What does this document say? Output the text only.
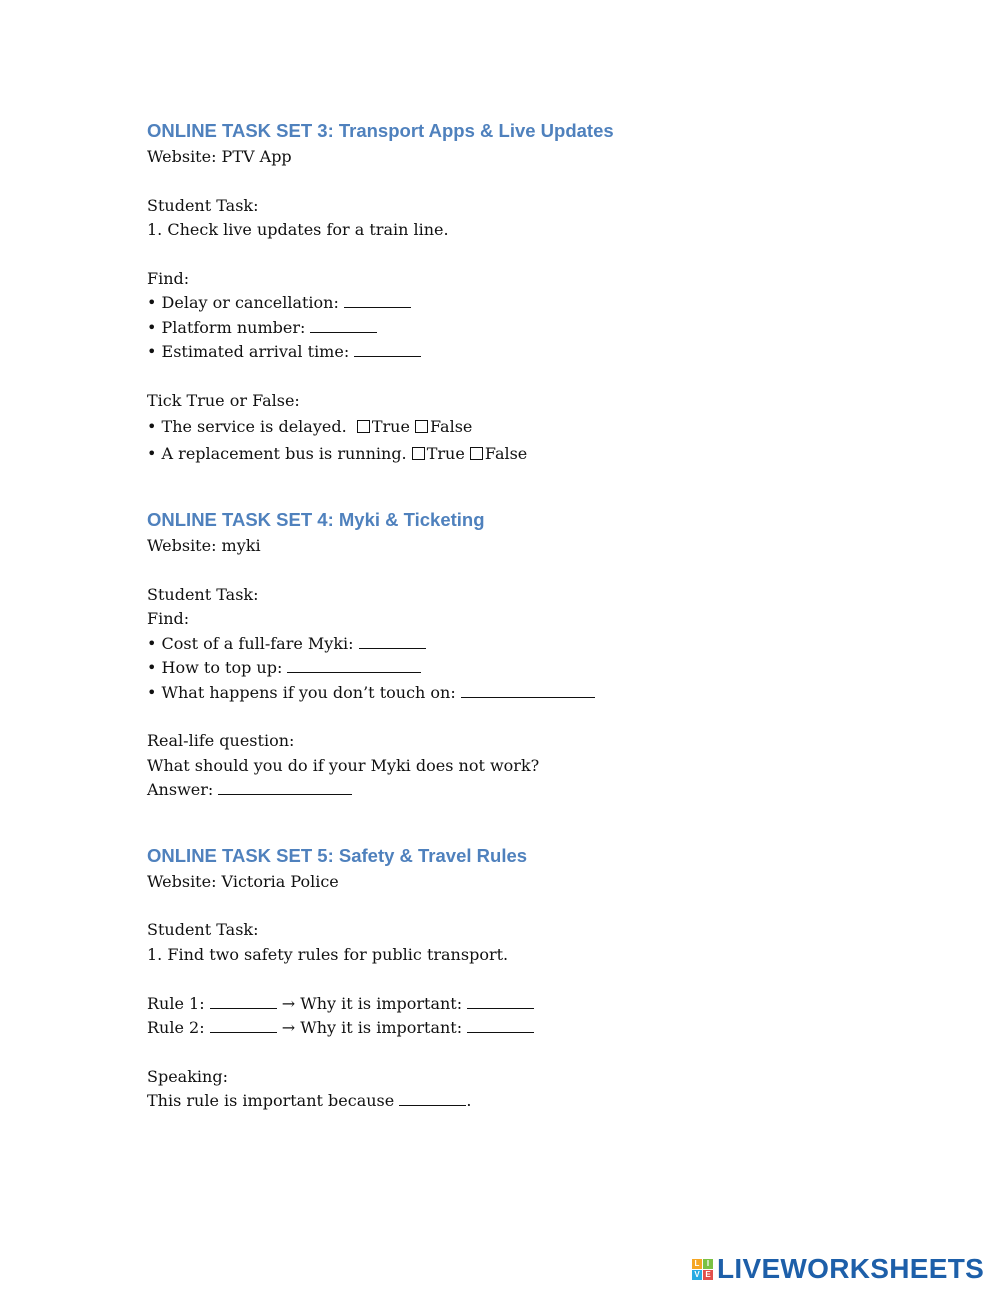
ONLINE TASK SET 3: Transport Apps & Live Updates
Website: PTV App
Student Task:
1. Check live updates for a train line.
Find:
• Delay or cancellation:
• Platform number:
• Estimated arrival time:
Tick True or False:
• The service is delayed. True False
• A replacement bus is running. True False
ONLINE TASK SET 4: Myki & Ticketing
Website: myki
Student Task:
Find:
• Cost of a full-fare Myki:
• How to top up:
• What happens if you don’t touch on:
Real-life question:
What should you do if your Myki does not work?
Answer:
ONLINE TASK SET 5: Safety & Travel Rules
Website: Victoria Police
Student Task:
1. Find two safety rules for public transport.
Rule 1:	→ Why it is important:
Rule 2:	→ Why it is important:
Speaking:
This rule is important because	.
L I
V E LIVEWORKSHEETS
